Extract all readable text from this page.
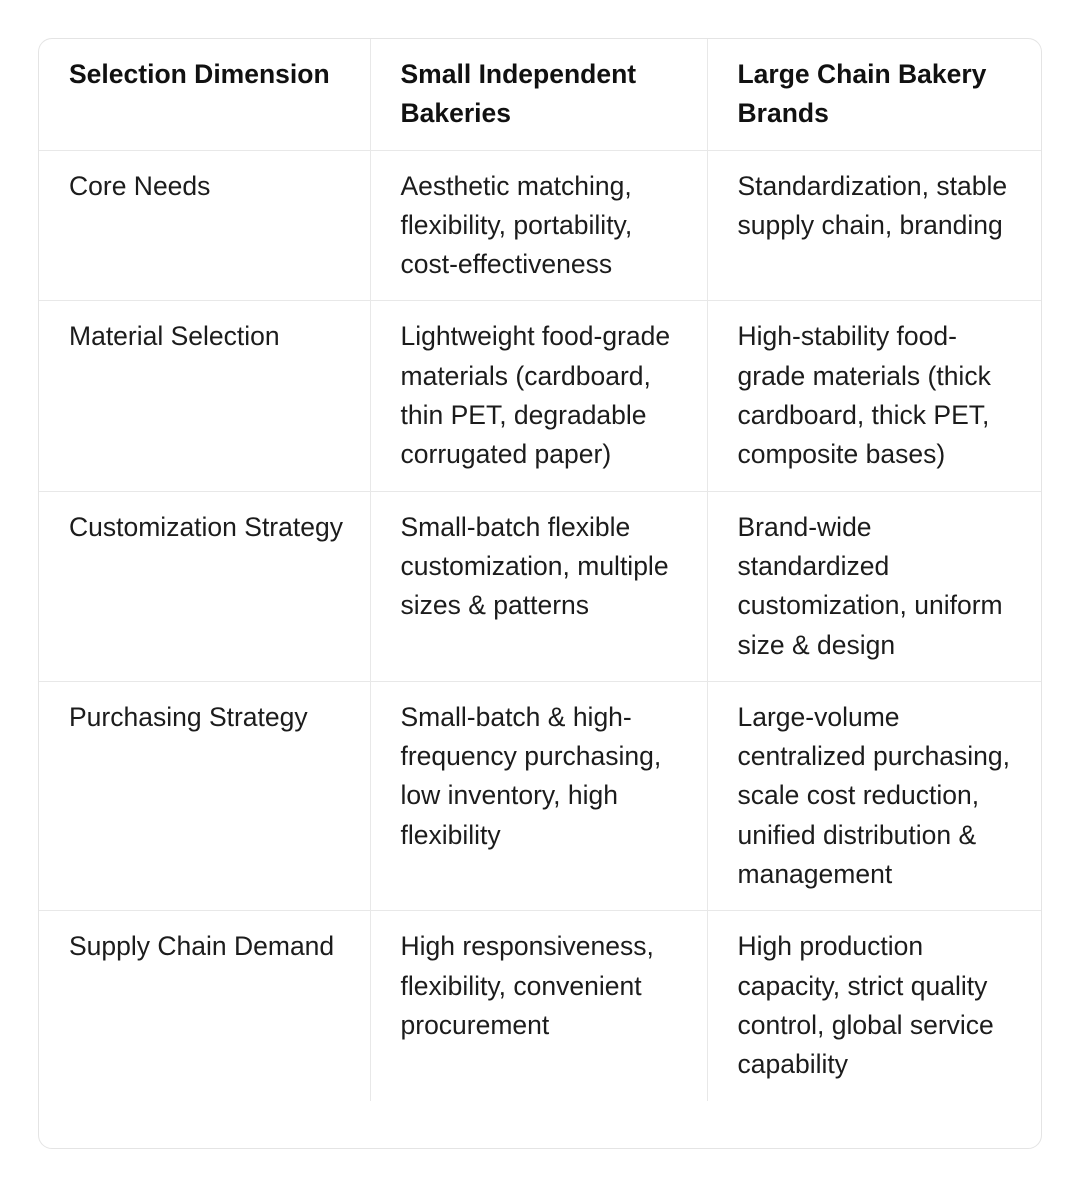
Selection Dimension	Small Independent Bakeries	Large Chain Bakery Brands
Core Needs	Aesthetic matching, flexibility, portability, cost-effectiveness	Standardization, stable supply chain, branding
Material Selection	Lightweight food-grade materials (cardboard, thin PET, degradable corrugated paper)	High-stability food-grade materials (thick cardboard, thick PET, composite bases)
Customization Strategy	Small-batch flexible customization, multiple sizes & patterns	Brand-wide standardized customization, uniform size & design
Purchasing Strategy	Small-batch & high-frequency purchasing, low inventory, high flexibility	Large-volume centralized purchasing, scale cost reduction, unified distribution & management
Supply Chain Demand	High responsiveness, flexibility, convenient procurement	High production capacity, strict quality control, global service capability
